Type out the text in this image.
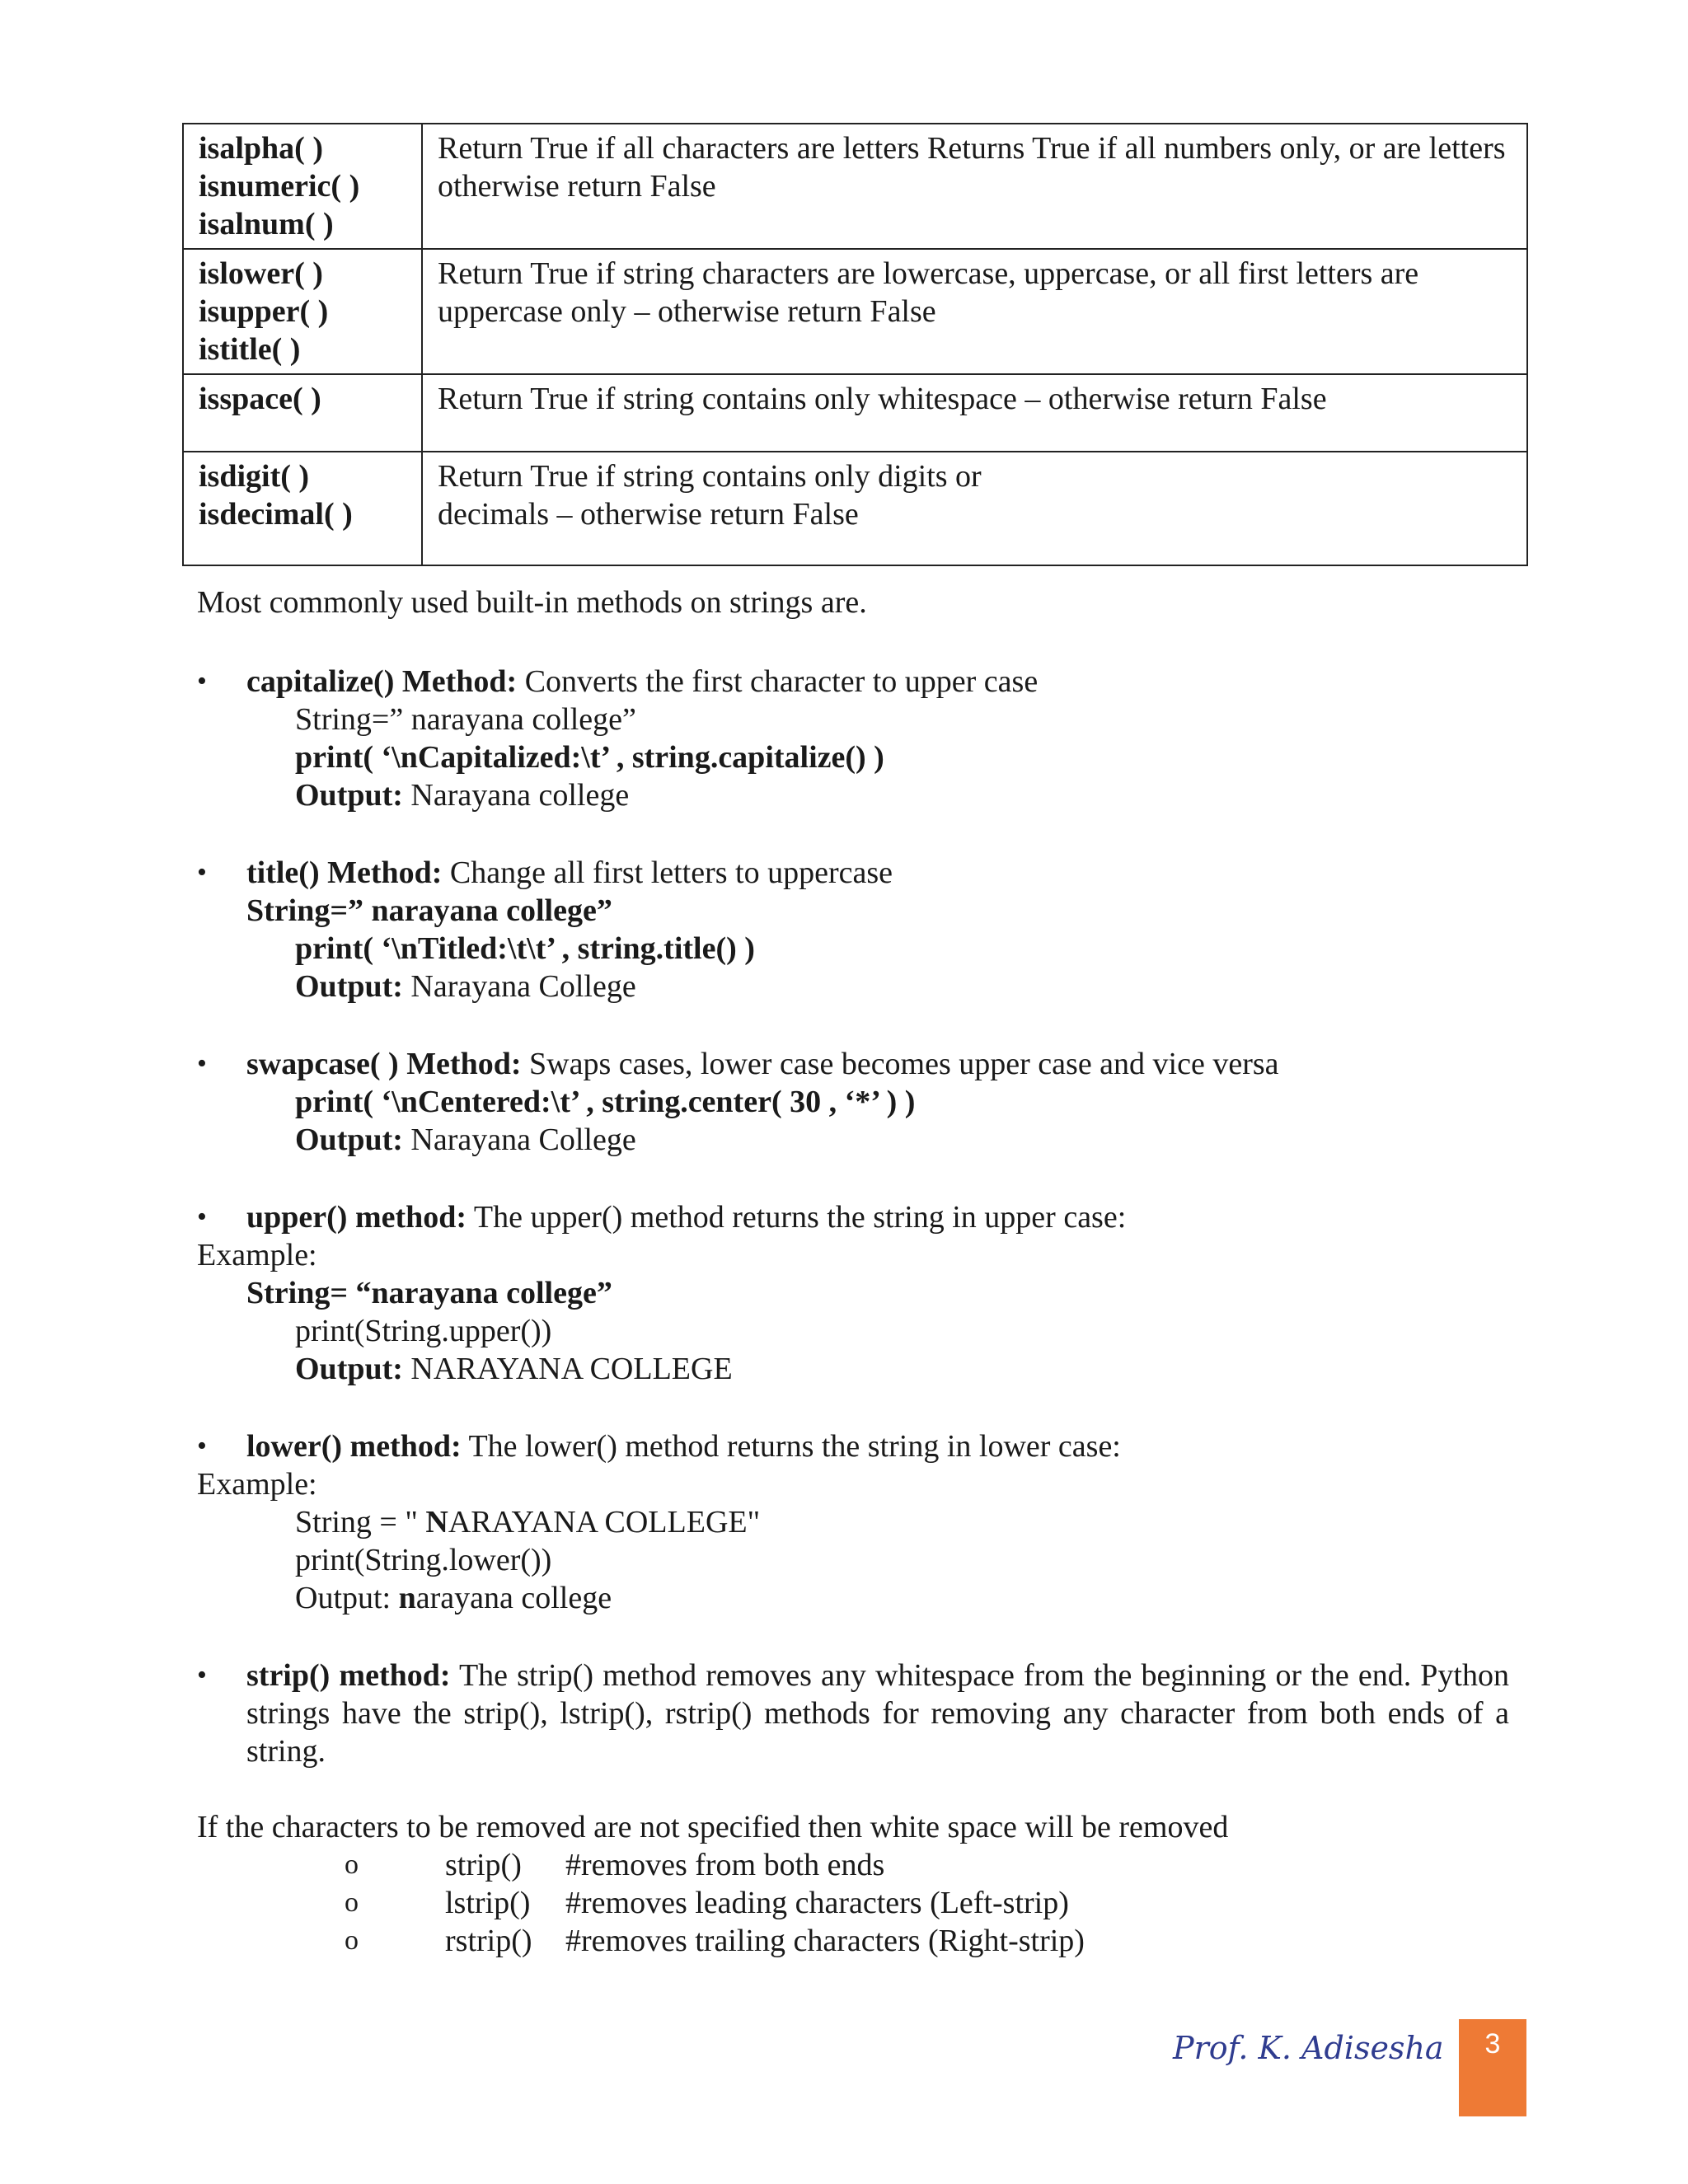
isalpha( )
isnumeric( )
isalnum( )	Return True if all characters are letters Returns True if all numbers only, or are letters otherwise return False

islower( )
isupper( )
istitle( )	Return True if string characters are lowercase, uppercase, or all first letters are uppercase only – otherwise return False

isspace( )	Return True if string contains only whitespace – otherwise return False

isdigit( )
isdecimal( )	Return True if string contains only digits or
decimals – otherwise return False
Most commonly used built-in methods on strings are.
• capitalize() Method: Converts the first character to upper case
String=” narayana college”
print( ‘\nCapitalized:\t’ , string.capitalize() )
Output: Narayana college
• title() Method: Change all first letters to uppercase
String=” narayana college”
print( ‘\nTitled:\t\t’ , string.title() )
Output: Narayana College
• swapcase( ) Method: Swaps cases, lower case becomes upper case and vice versa
print( ‘\nCentered:\t’ , string.center( 30 , ‘*’ ) )
Output: Narayana College
• upper() method: The upper() method returns the string in upper case:
Example:
String= “narayana college”
print(String.upper())
Output: NARAYANA COLLEGE
• lower() method: The lower() method returns the string in lower case:
Example:
String = " NARAYANA COLLEGE"
print(String.lower())
Output: narayana college
• strip() method: The strip() method removes any whitespace from the beginning or the end. Python strings have the strip(), lstrip(), rstrip() methods for removing any character from both ends of a string.
If the characters to be removed are not specified then white space will be removed
o	strip() #removes from both ends
o	lstrip() #removes leading characters (Left-strip)
o	rstrip() #removes trailing characters (Right-strip)
Prof. K. Adisesha	3
